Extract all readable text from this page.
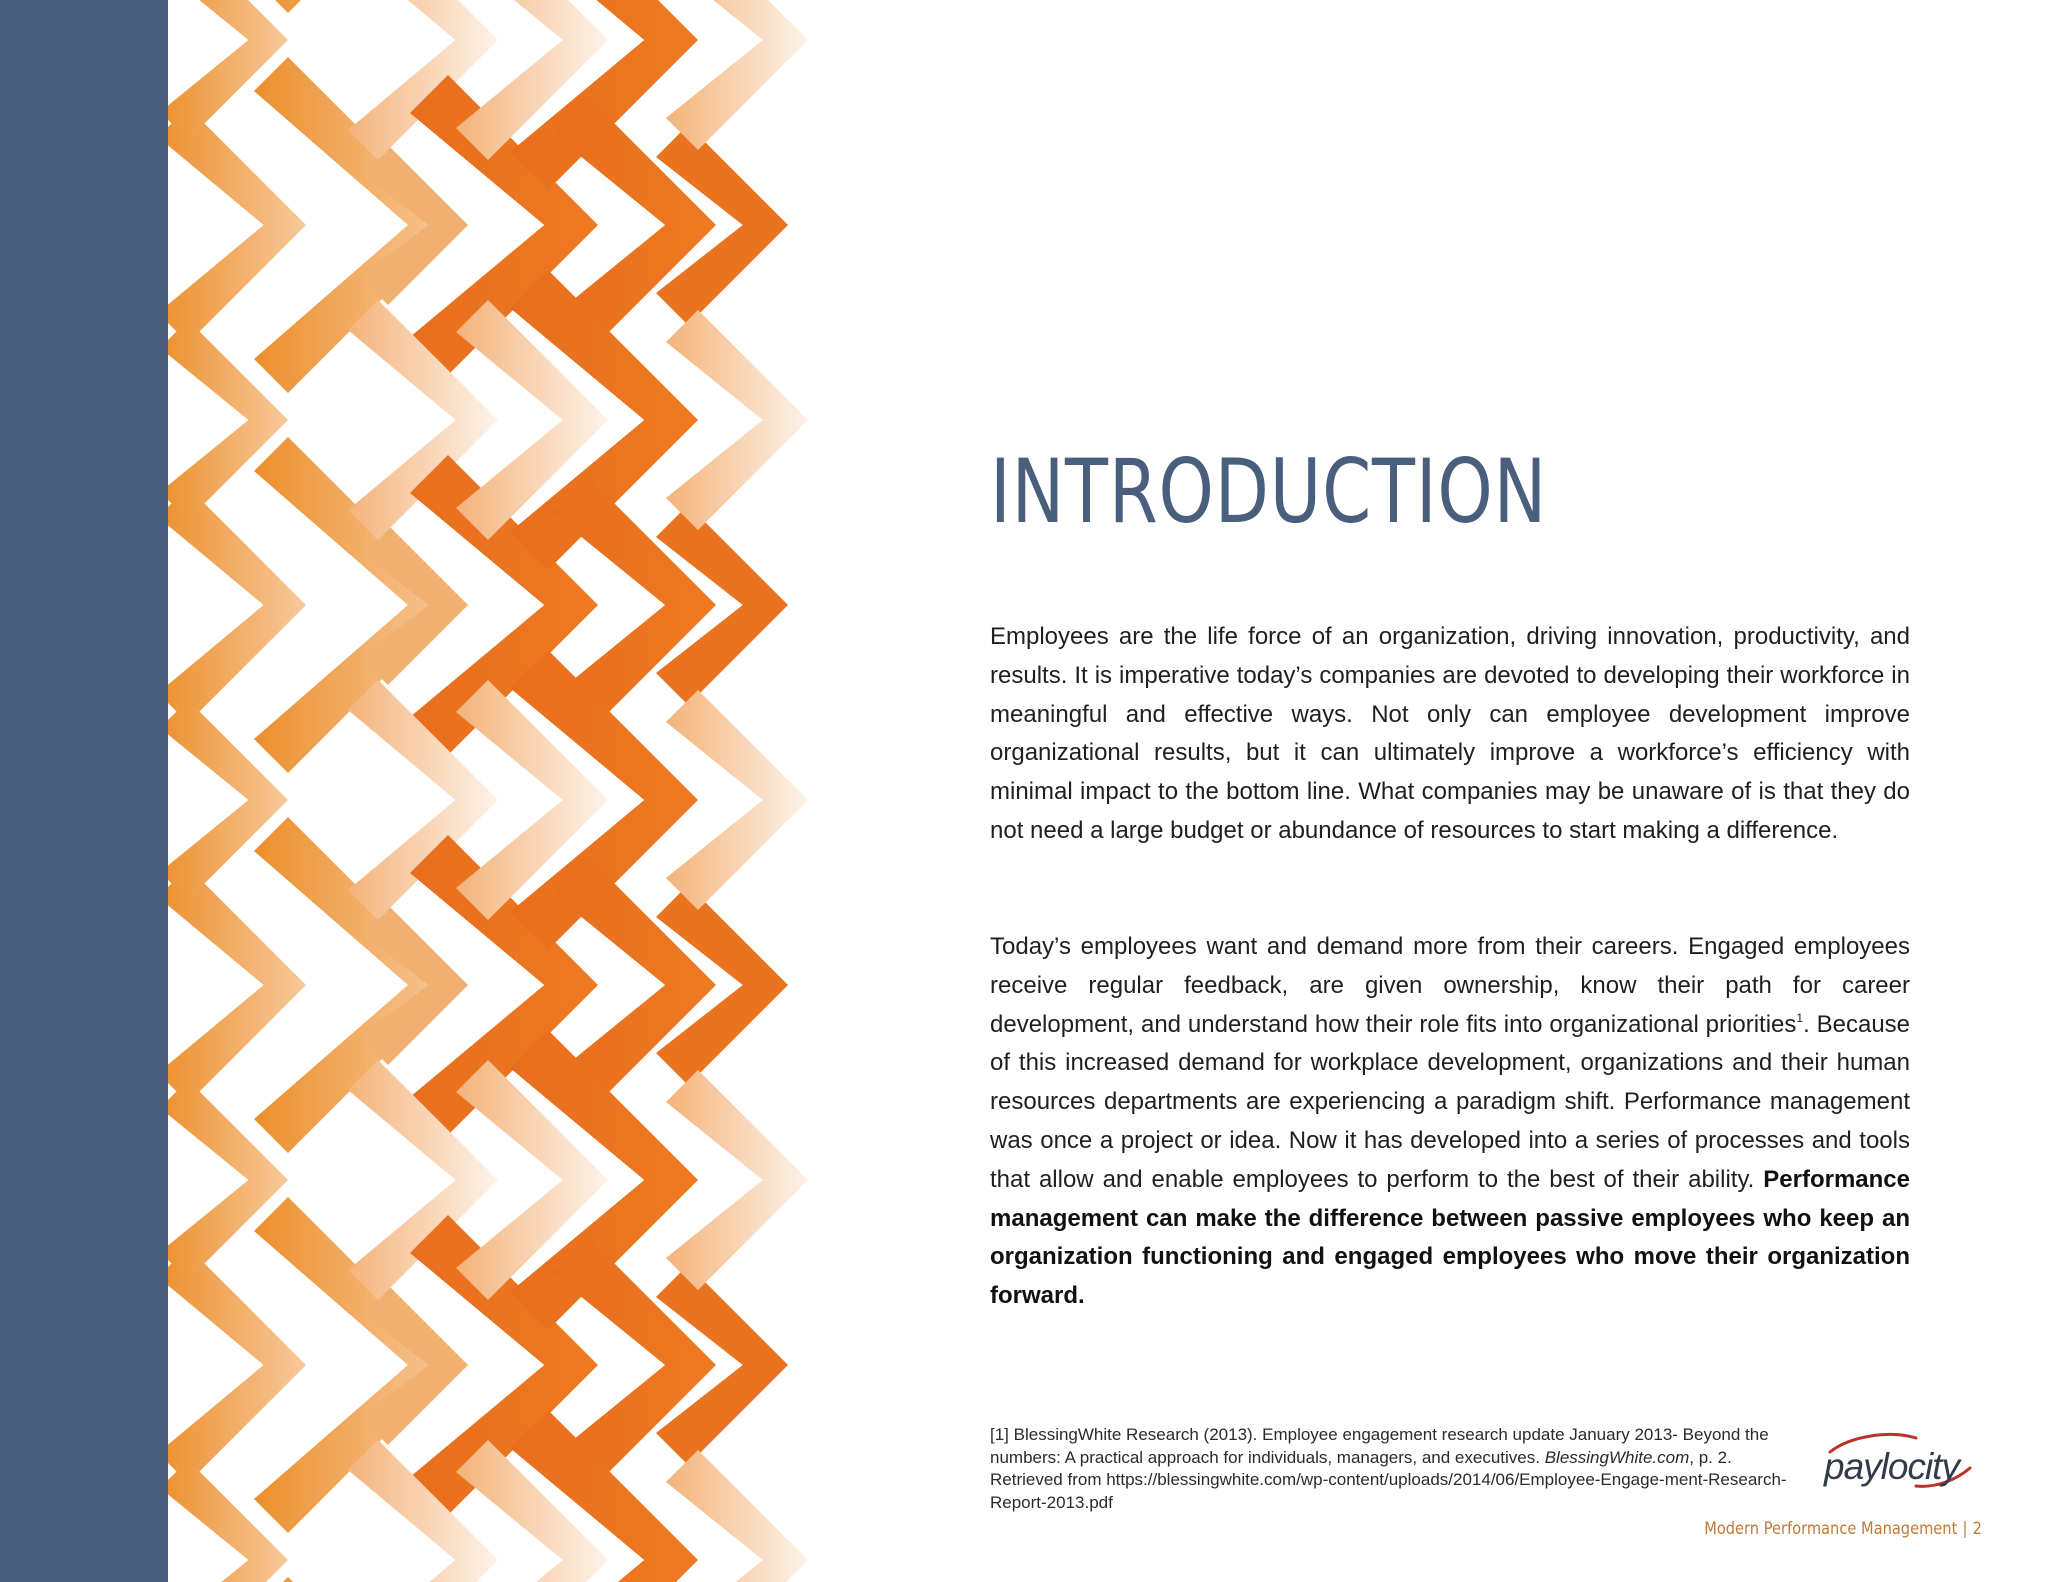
INTRODUCTION

Employees are the life force of an organization, driving innovation, productivity, and results. It is imperative today’s companies are devoted to developing their workforce in meaningful and effective ways. Not only can employee development improve organizational results, but it can ultimately improve a workforce’s efficiency with minimal impact to the bottom line. What companies may be unaware of is that they do not need a large budget or abundance of resources to start making a difference.

Today’s employees want and demand more from their careers. Engaged employees receive regular feedback, are given ownership, know their path for career development, and understand how their role fits into organizational priorities$^1$. Because of this increased demand for workplace development, organizations and their human resources departments are experiencing a paradigm shift. Performance management was once a project or idea. Now it has developed into a series of processes and tools that allow and enable employees to perform to the best of their ability. Performance management can make the difference between passive employees who keep an organization functioning and engaged employees who move their organization forward.

[1] BlessingWhite Research (2013). Employee engagement research update January 2013- Beyond the numbers: A practical approach for individuals, managers, and executives. BlessingWhite.com, p. 2. Retrieved from https://blessingwhite.com/wp-content/uploads/2014/06/Employee-Engage-ment-Research-Report-2013.pdf

paylocity
Modern Performance Management | 2
